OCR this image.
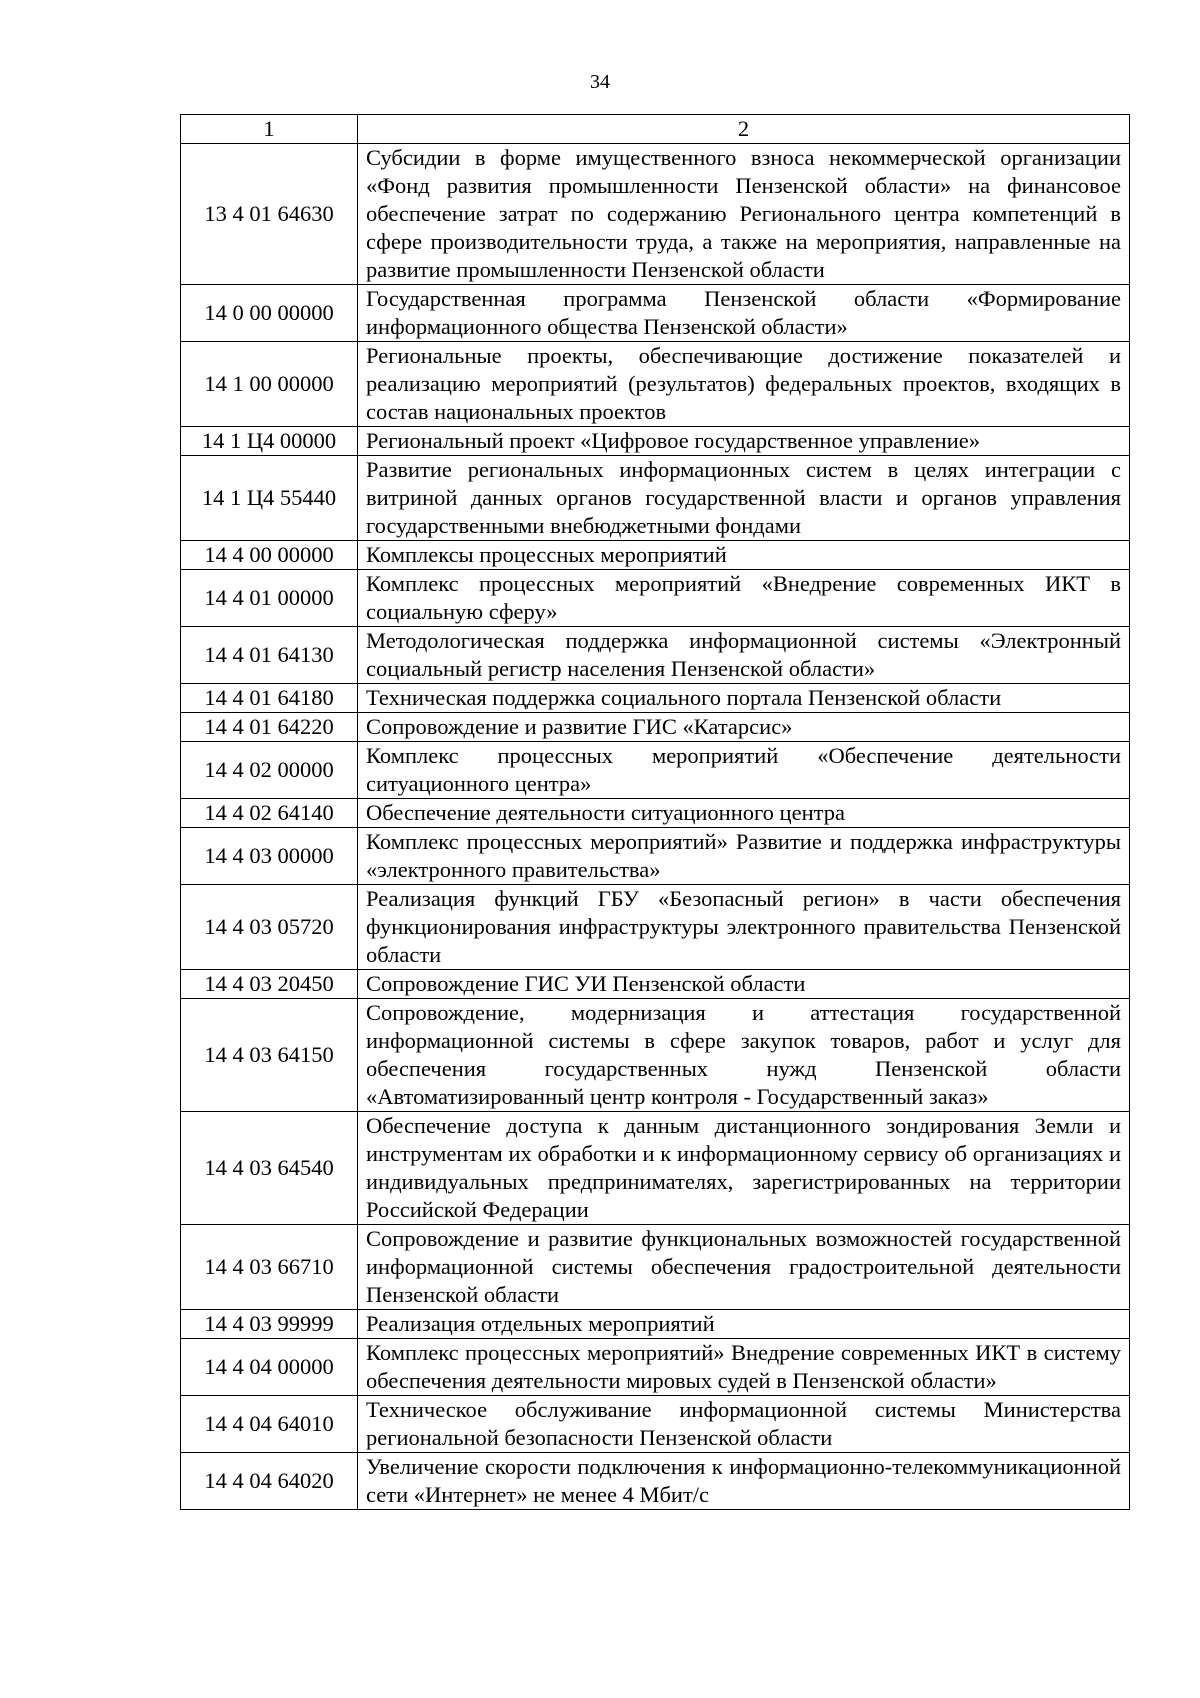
34
1	2
13 4 01 64630	Субсидии в форме имущественного взноса некоммерческой организации «Фонд развития промышленности Пензенской области» на финансовое обеспечение затрат по содержанию Регионального центра компетенций в сфере производительности труда, а также на мероприятия, направленные на развитие промышленности Пензенской области
14 0 00 00000	Государственная программа Пензенской области «Формирование информационного общества Пензенской области»
14 1 00 00000	Региональные проекты, обеспечивающие достижение показателей и реализацию мероприятий (результатов) федеральных проектов, входящих в состав национальных проектов
14 1 Ц4 00000	Региональный проект «Цифровое государственное управление»
14 1 Ц4 55440	Развитие региональных информационных систем в целях интеграции с витриной данных органов государственной власти и органов управления государственными внебюджетными фондами
14 4 00 00000	Комплексы процессных мероприятий
14 4 01 00000	Комплекс процессных мероприятий «Внедрение современных ИКТ в социальную сферу»
14 4 01 64130	Методологическая поддержка информационной системы «Электронный социальный регистр населения Пензенской области»
14 4 01 64180	Техническая поддержка социального портала Пензенской области
14 4 01 64220	Сопровождение и развитие ГИС «Катарсис»
14 4 02 00000	Комплекс процессных мероприятий «Обеспечение деятельности ситуационного центра»
14 4 02 64140	Обеспечение деятельности ситуационного центра
14 4 03 00000	Комплекс процессных мероприятий» Развитие и поддержка инфраструктуры «электронного правительства»
14 4 03 05720	Реализация функций ГБУ «Безопасный регион» в части обеспечения функционирования инфраструктуры электронного правительства Пензенской области
14 4 03 20450	Сопровождение ГИС УИ Пензенской области
14 4 03 64150	Сопровождение, модернизация и аттестация государственной информационной системы в сфере закупок товаров, работ и услуг для обеспечения государственных нужд Пензенской области «Автоматизированный центр контроля - Государственный заказ»
14 4 03 64540	Обеспечение доступа к данным дистанционного зондирования Земли и инструментам их обработки и к информационному сервису об организациях и индивидуальных предпринимателях, зарегистрированных на территории Российской Федерации
14 4 03 66710	Сопровождение и развитие функциональных возможностей государственной информационной системы обеспечения градостроительной деятельности Пензенской области
14 4 03 99999	Реализация отдельных мероприятий
14 4 04 00000	Комплекс процессных мероприятий» Внедрение современных ИКТ в систему обеспечения деятельности мировых судей в Пензенской области»
14 4 04 64010	Техническое обслуживание информационной системы Министерства региональной безопасности Пензенской области
14 4 04 64020	Увеличение скорости подключения к информационно-телекоммуникационной сети «Интернет» не менее 4 Мбит/с
